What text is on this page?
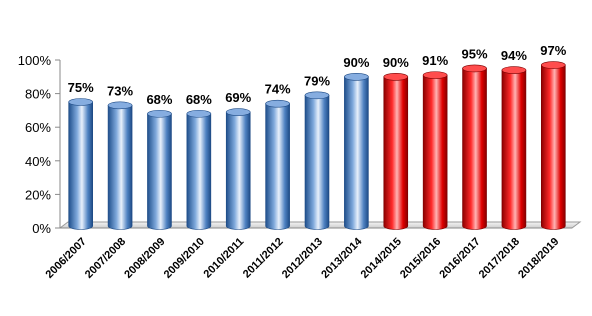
0%
20%
40%
60%
80%
100%
75%
2006/2007
73%
2007/2008
68%
2008/2009
68%
2009/2010
69%
2010/2011
74%
2011/2012
79%
2012/2013
90%
2013/2014
90%
2014/2015
91%
2015/2016
95%
2016/2017
94%
2017/2018
97%
2018/2019
